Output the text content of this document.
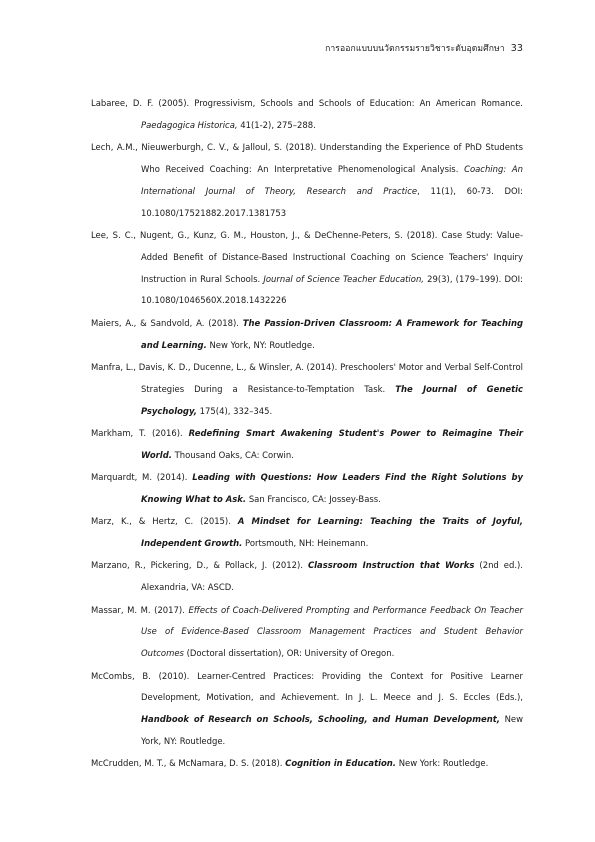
การออกแบบบนวัตกรรมรายวิชาระดับอุดมศึกษา 33

Labaree, D. F. (2005). Progressivism, Schools and Schools of Education: An American Romance. Paedagogica Historica, 41(1-2), 275–288.

Lech, A.M., Nieuwerburgh, C. V., & Jalloul, S. (2018). Understanding the Experience of PhD Students Who Received Coaching: An Interpretative Phenomenological Analysis. Coaching: An International Journal of Theory, Research and Practice, 11(1), 60-73. DOI: 10.1080/17521882.2017.1381753

Lee, S. C., Nugent, G., Kunz, G. M., Houston, J., & DeChenne-Peters, S. (2018). Case Study: Value-Added Benefit of Distance-Based Instructional Coaching on Science Teachers' Inquiry Instruction in Rural Schools. Journal of Science Teacher Education, 29(3), (179–199). DOI: 10.1080/1046560X.2018.1432226

Maiers, A., & Sandvold, A. (2018). The Passion-Driven Classroom: A Framework for Teaching and Learning. New York, NY: Routledge.

Manfra, L., Davis, K. D., Ducenne, L., & Winsler, A. (2014). Preschoolers' Motor and Verbal Self-Control Strategies During a Resistance-to-Temptation Task. The Journal of Genetic Psychology, 175(4), 332–345.

Markham, T. (2016). Redefining Smart Awakening Student's Power to Reimagine Their World. Thousand Oaks, CA: Corwin.

Marquardt, M. (2014). Leading with Questions: How Leaders Find the Right Solutions by Knowing What to Ask. San Francisco, CA: Jossey-Bass.

Marz, K., & Hertz, C. (2015). A Mindset for Learning: Teaching the Traits of Joyful, Independent Growth. Portsmouth, NH: Heinemann.

Marzano, R., Pickering, D., & Pollack, J. (2012). Classroom Instruction that Works (2nd ed.). Alexandria, VA: ASCD.

Massar, M. M. (2017). Effects of Coach-Delivered Prompting and Performance Feedback On Teacher Use of Evidence-Based Classroom Management Practices and Student Behavior Outcomes (Doctoral dissertation), OR: University of Oregon.

McCombs, B. (2010). Learner-Centred Practices: Providing the Context for Positive Learner Development, Motivation, and Achievement. In J. L. Meece and J. S. Eccles (Eds.), Handbook of Research on Schools, Schooling, and Human Development, New York, NY: Routledge.

McCrudden, M. T., & McNamara, D. S. (2018). Cognition in Education. New York: Routledge.
